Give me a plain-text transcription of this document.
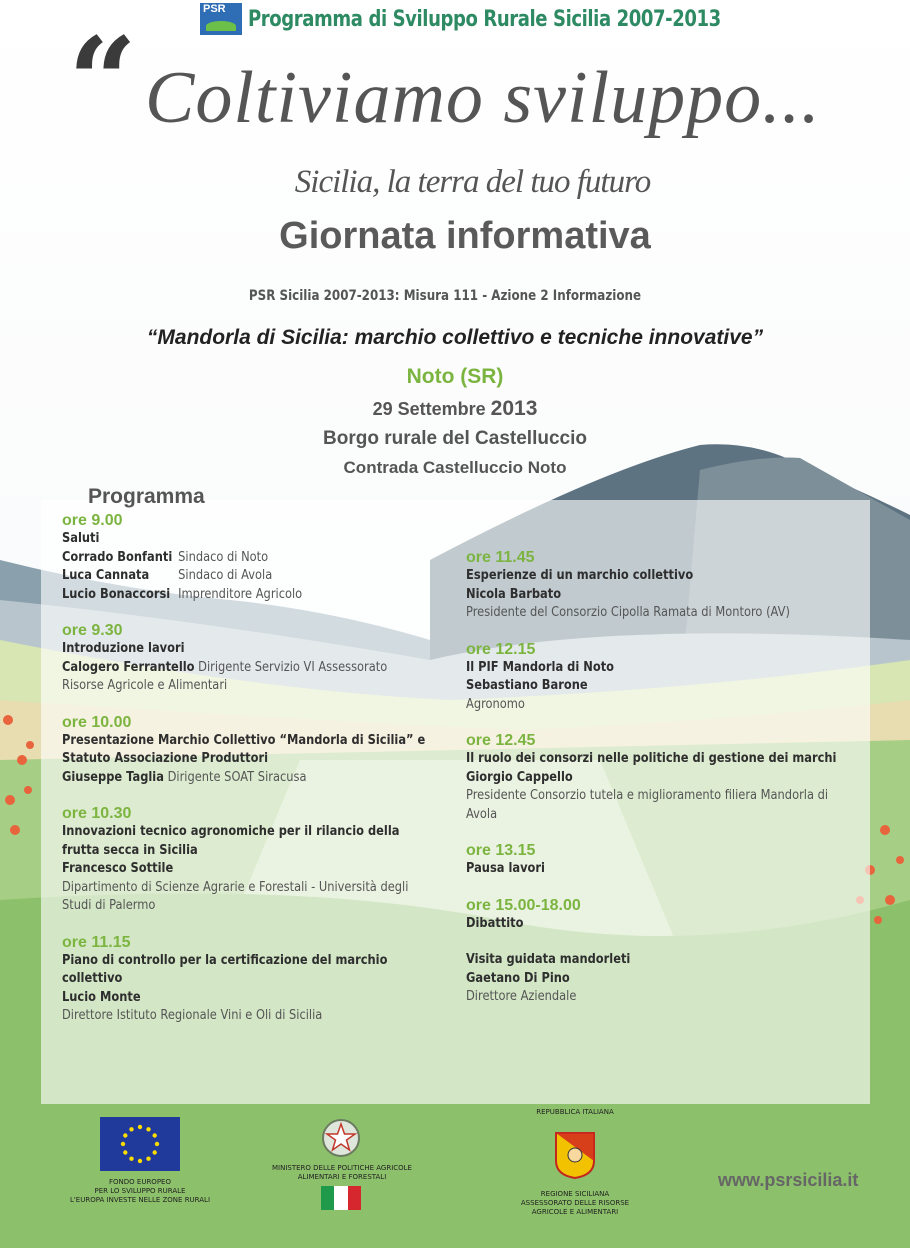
PSR Programma di Sviluppo Rurale Sicilia 2007-2013
“ Coltiviamo sviluppo...
Sicilia, la terra del tuo futuro
Giornata informativa
PSR Sicilia 2007-2013: Misura 111 - Azione 2 Informazione
“Mandorla di Sicilia: marchio collettivo e tecniche innovative”
Noto (SR)
29 Settembre 2013
Borgo rurale del Castelluccio
Contrada Castelluccio Noto
Programma
ore 9.00
Saluti
Corrado Bonfanti Sindaco di Noto
Luca Cannata Sindaco di Avola
Lucio Bonaccorsi Imprenditore Agricolo
ore 9.30
Introduzione lavori
Calogero Ferrantello Dirigente Servizio VI Assessorato
Risorse Agricole e Alimentari
ore 10.00
Presentazione Marchio Collettivo “Mandorla di Sicilia” e
Statuto Associazione Produttori
Giuseppe Taglia Dirigente SOAT Siracusa
ore 10.30
Innovazioni tecnico agronomiche per il rilancio della
frutta secca in Sicilia
Francesco Sottile
Dipartimento di Scienze Agrarie e Forestali - Università degli
Studi di Palermo
ore 11.15
Piano di controllo per la certificazione del marchio
collettivo
Lucio Monte
Direttore Istituto Regionale Vini e Oli di Sicilia
ore 11.45
Esperienze di un marchio collettivo
Nicola Barbato
Presidente del Consorzio Cipolla Ramata di Montoro (AV)
ore 12.15
Il PIF Mandorla di Noto
Sebastiano Barone
Agronomo
ore 12.45
Il ruolo dei consorzi nelle politiche di gestione dei marchi
Giorgio Cappello
Presidente Consorzio tutela e miglioramento filiera Mandorla di
Avola
ore 13.15
Pausa lavori
ore 15.00-18.00
Dibattito
Visita guidata mandorleti
Gaetano Di Pino
Direttore Aziendale
FONDO EUROPEO
PER LO SVILUPPO RURALE
L'EUROPA INVESTE NELLE ZONE RURALI
MINISTERO DELLE POLITICHE AGRICOLE
ALIMENTARI E FORESTALI
REPUBBLICA ITALIANA
REGIONE SICILIANA
ASSESSORATO DELLE RISORSE
AGRICOLE E ALIMENTARI
www.psrsicilia.it
